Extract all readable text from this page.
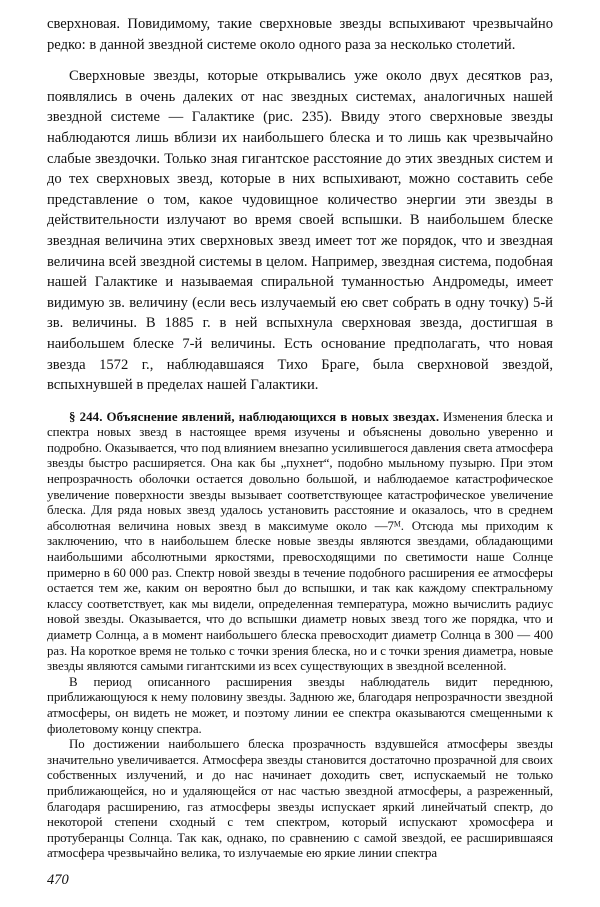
сверхновая. Повидимому, такие сверхновые звезды вспыхивают чрезвычайно редко: в данной звездной системе около одного раза за несколько столетий.

Сверхновые звезды, которые открывались уже около двух десятков раз, появлялись в очень далеких от нас звездных системах, аналогичных нашей звездной системе — Галактике (рис. 235). Ввиду этого сверхновые звезды наблюдаются лишь вблизи их наибольшего блеска и то лишь как чрезвычайно слабые звездочки. Только зная гигантское расстояние до этих звездных систем и до тех сверхновых звезд, которые в них вспыхивают, можно составить себе представление о том, какое чудовищное количество энергии эти звезды в действительности излучают во время своей вспышки. В наибольшем блеске звездная величина этих сверхновых звезд имеет тот же порядок, что и звездная величина всей звездной системы в целом. Например, звездная система, подобная нашей Галактике и называемая спиральной туманностью Андромеды, имеет видимую зв. величину (если весь излучаемый ею свет собрать в одну точку) 5-й зв. величины. В 1885 г. в ней вспыхнула сверхновая звезда, достигшая в наибольшем блеске 7-й величины. Есть основание предполагать, что новая звезда 1572 г., наблюдавшаяся Тихо Браге, была сверхновой звездой, вспыхнувшей в пределах нашей Галактики.

§ 244. Объяснение явлений, наблюдающихся в новых звездах. Изменения блеска и спектра новых звезд в настоящее время изучены и объяснены довольно уверенно и подробно. Оказывается, что под влиянием внезапно усилившегося давления света атмосфера звезды быстро расширяется. Она как бы „пухнет“, подобно мыльному пузырю. При этом непрозрачность оболочки остается довольно большой, и наблюдаемое катастрофическое увеличение поверхности звезды вызывает соответствующее катастрофическое увеличение блеска. Для ряда новых звезд удалось установить расстояние и оказалось, что в среднем абсолютная величина новых звезд в максимуме около —7ᴹ. Отсюда мы приходим к заключению, что в наибольшем блеске новые звезды являются звездами, обладающими наибольшими абсолютными яркостями, превосходящими по светимости наше Солнце примерно в 60 000 раз. Спектр новой звезды в течение подобного расширения ее атмосферы остается тем же, каким он вероятно был до вспышки, и так как каждому спектральному классу соответствует, как мы видели, определенная температура, можно вычислить радиус новой звезды. Оказывается, что до вспышки диаметр новых звезд того же порядка, что и диаметр Солнца, а в момент наибольшего блеска превосходит диаметр Солнца в 300 — 400 раз. На короткое время не только с точки зрения блеска, но и с точки зрения диаметра, новые звезды являются самыми гигантскими из всех существующих в звездной вселенной.

В период описанного расширения звезды наблюдатель видит переднюю, приближающуюся к нему половину звезды. Заднюю же, благодаря непрозрачности звездной атмосферы, он видеть не может, и поэтому линии ее спектра оказываются смещенными к фиолетовому концу спектра.

По достижении наибольшего блеска прозрачность вздувшейся атмосферы звезды значительно увеличивается. Атмосфера звезды становится достаточно прозрачной для своих собственных излучений, и до нас начинает доходить свет, испускаемый не только приближающейся, но и удаляющейся от нас частью звездной атмосферы, а разреженный, благодаря расширению, газ атмосферы звезды испускает яркий линейчатый спектр, до некоторой степени сходный с тем спектром, который испускают хромосфера и протуберанцы Солнца. Так как, однако, по сравнению с самой звездой, ее расширившаяся атмосфера чрезвычайно велика, то излучаемые ею яркие линии спектра

470
